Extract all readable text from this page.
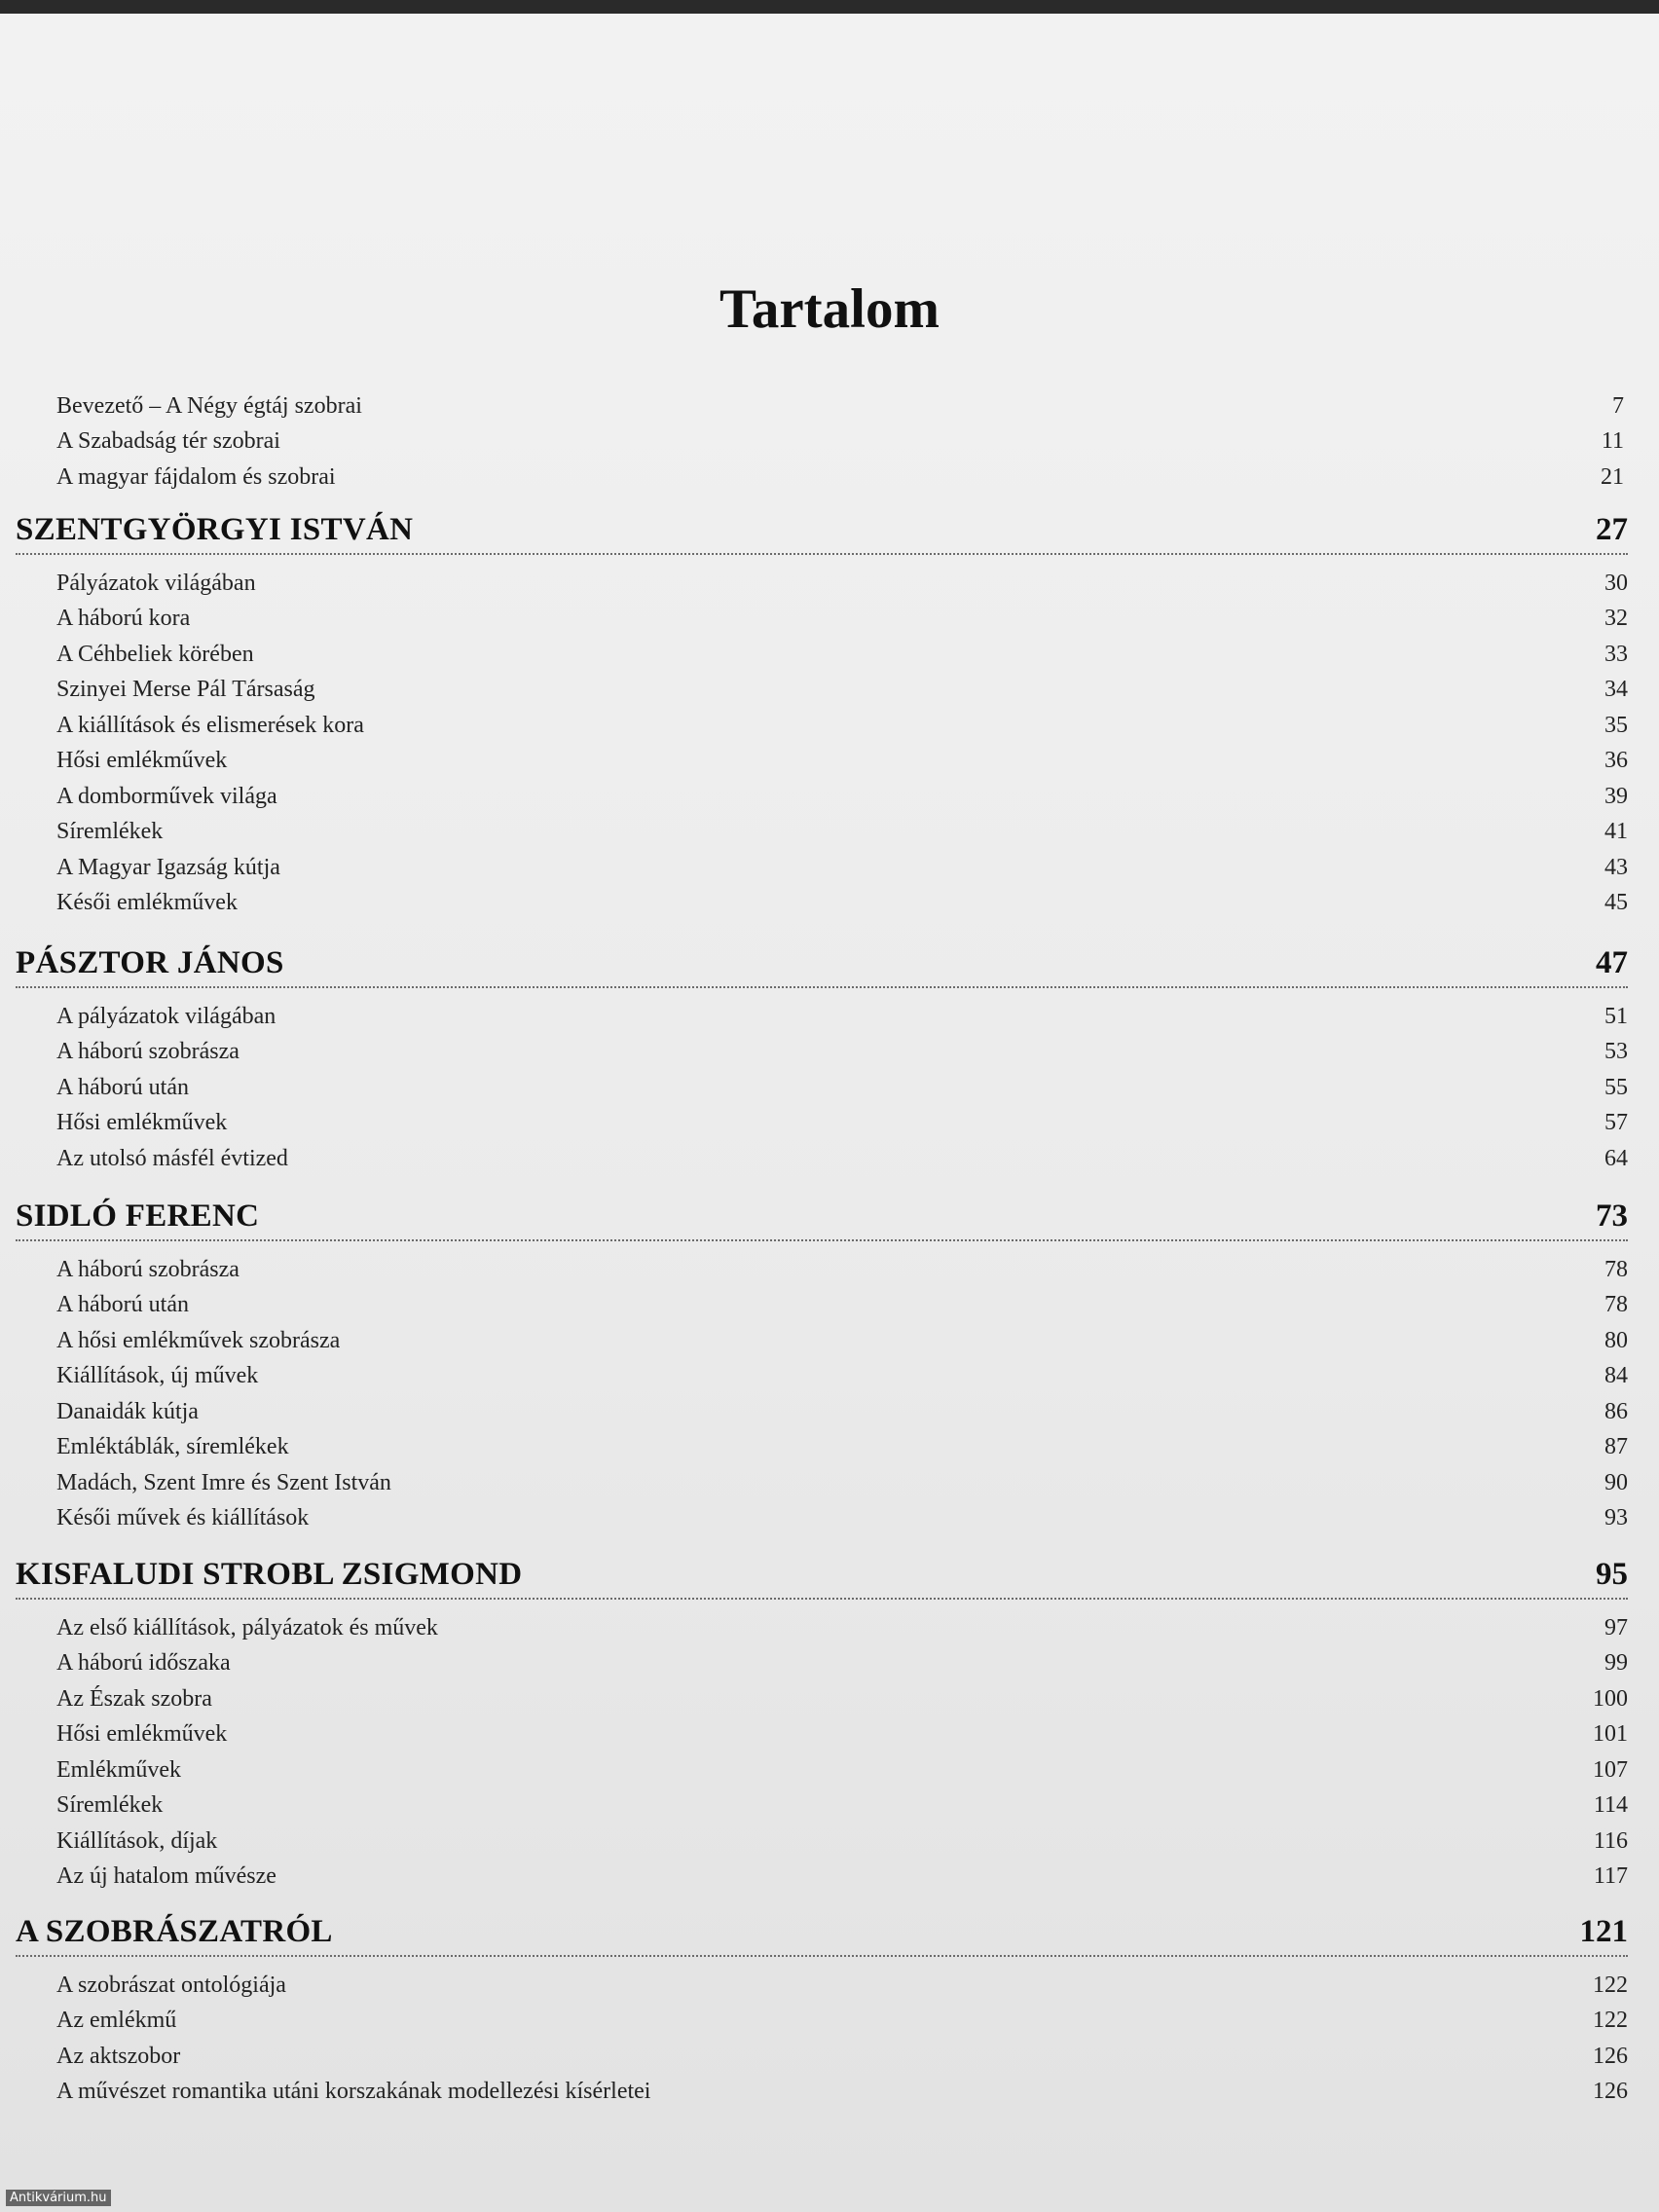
Tartalom
Bevezető – A Négy égtáj szobrai	7
A Szabadság tér szobrai	11
A magyar fájdalom és szobrai	21
SZENTGYÖRGYI ISTVÁN	27
Pályázatok világában	30
A háború kora	32
A Céhbeliek körében	33
Szinyei Merse Pál Társaság	34
A kiállítások és elismerések kora	35
Hősi emlékművek	36
A domborművek világa	39
Síremlékek	41
A Magyar Igazság kútja	43
Késői emlékművek	45
PÁSZTOR JÁNOS	47
A pályázatok világában	51
A háború szobrásza	53
A háború után	55
Hősi emlékművek	57
Az utolsó másfél évtized	64
SIDLÓ FERENC	73
A háború szobrásza	78
A háború után	78
A hősi emlékművek szobrásza	80
Kiállítások, új művek	84
Danaidák kútja	86
Emléktáblák, síremlékek	87
Madách, Szent Imre és Szent István	90
Késői művek és kiállítások	93
KISFALUDI STROBL ZSIGMOND	95
Az első kiállítások, pályázatok és művek	97
A háború időszaka	99
Az Észak szobra	100
Hősi emlékművek	101
Emlékművek	107
Síremlékek	114
Kiállítások, díjak	116
Az új hatalom művésze	117
A SZOBRÁSZATRÓL	121
A szobrászat ontológiája	122
Az emlékmű	122
Az aktszobor	126
A művészet romantika utáni korszakának modellezési kísérletei	126
Antikvárium.hu
